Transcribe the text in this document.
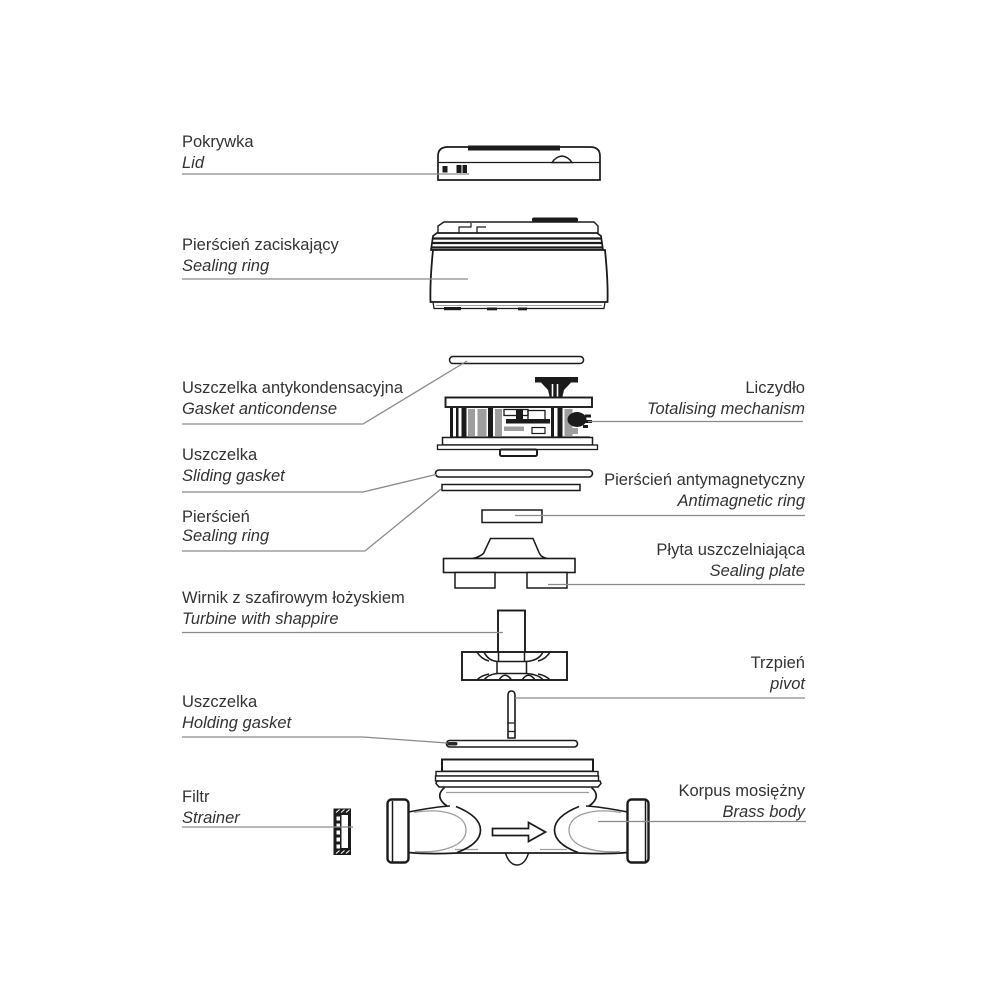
Pokrywka
Lid
Pierścień zaciskający
Sealing ring
Uszczelka antykondensacyjna
Gasket anticondense
Liczydło
Totalising mechanism
Uszczelka
Sliding gasket	Pierścień antymagnetyczny
Antimagnetic ring
Pierścień
Sealing ring
Płyta uszczelniająca
Sealing plate
Wirnik z szafirowym łożyskiem
Turbine with shappire
Trzpień
pivot
Uszczelka
Holding gasket
Filtr
Strainer
Korpus mosiężny
Brass body
